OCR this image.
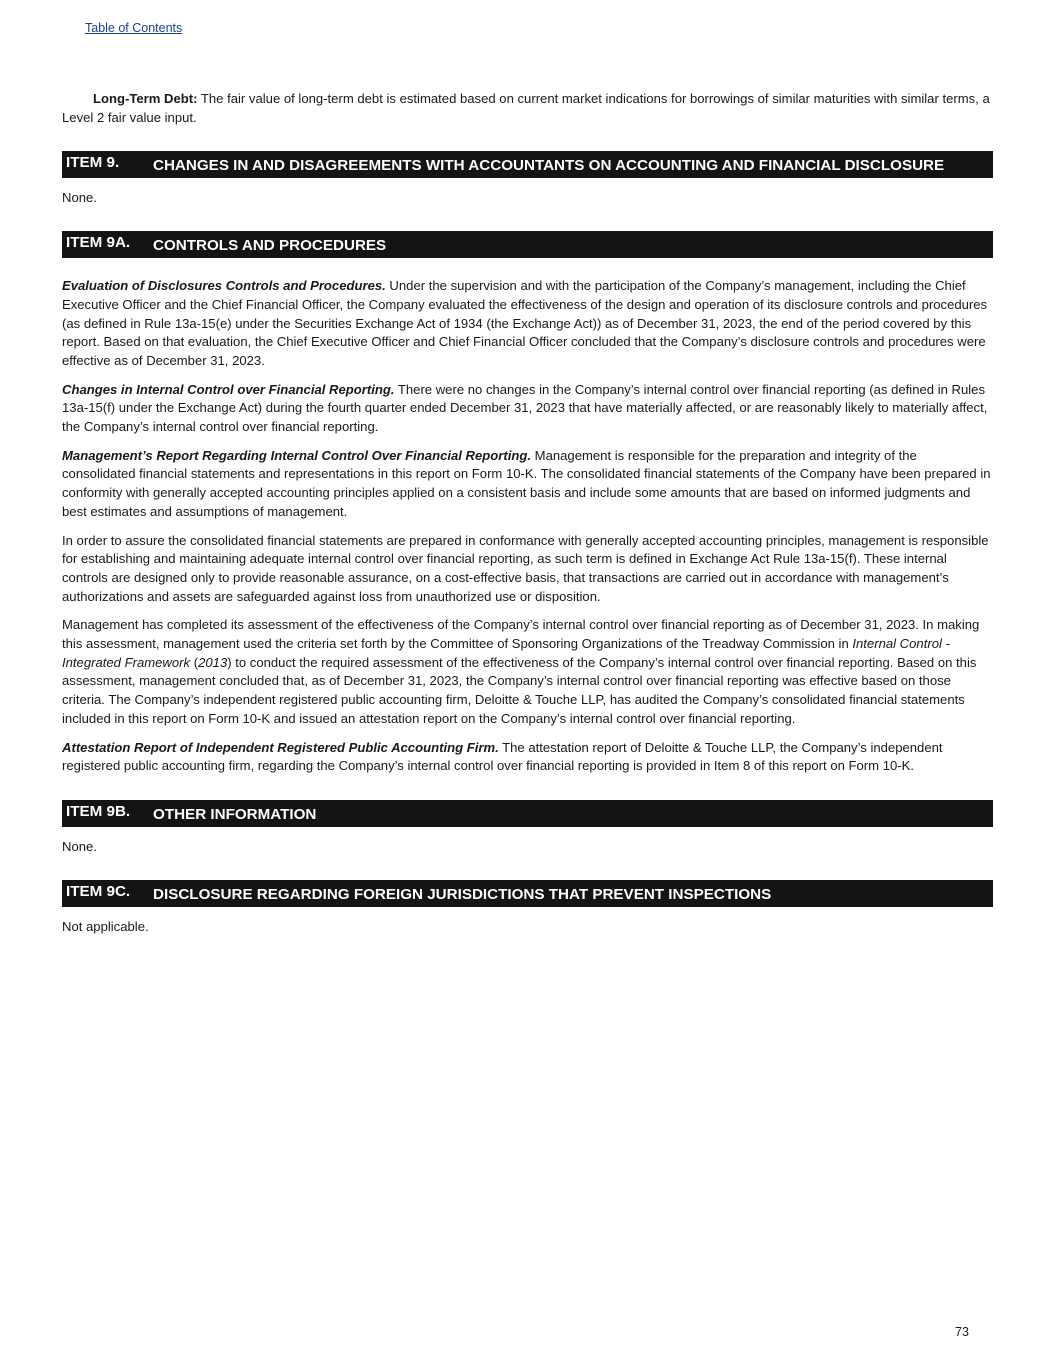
Table of Contents

Long-Term Debt: The fair value of long-term debt is estimated based on current market indications for borrowings of similar maturities with similar terms, a Level 2 fair value input.

ITEM 9.	CHANGES IN AND DISAGREEMENTS WITH ACCOUNTANTS ON ACCOUNTING AND FINANCIAL DISCLOSURE

None.

ITEM 9A.	CONTROLS AND PROCEDURES

Evaluation of Disclosures Controls and Procedures. Under the supervision and with the participation of the Company’s management, including the Chief Executive Officer and the Chief Financial Officer, the Company evaluated the effectiveness of the design and operation of its disclosure controls and procedures (as defined in Rule 13a-15(e) under the Securities Exchange Act of 1934 (the Exchange Act)) as of December 31, 2023, the end of the period covered by this report. Based on that evaluation, the Chief Executive Officer and Chief Financial Officer concluded that the Company’s disclosure controls and procedures were effective as of December 31, 2023.

Changes in Internal Control over Financial Reporting. There were no changes in the Company’s internal control over financial reporting (as defined in Rules 13a-15(f) under the Exchange Act) during the fourth quarter ended December 31, 2023 that have materially affected, or are reasonably likely to materially affect, the Company’s internal control over financial reporting.

Management’s Report Regarding Internal Control Over Financial Reporting. Management is responsible for the preparation and integrity of the consolidated financial statements and representations in this report on Form 10-K. The consolidated financial statements of the Company have been prepared in conformity with generally accepted accounting principles applied on a consistent basis and include some amounts that are based on informed judgments and best estimates and assumptions of management.

In order to assure the consolidated financial statements are prepared in conformance with generally accepted accounting principles, management is responsible for establishing and maintaining adequate internal control over financial reporting, as such term is defined in Exchange Act Rule 13a-15(f). These internal controls are designed only to provide reasonable assurance, on a cost-effective basis, that transactions are carried out in accordance with management’s authorizations and assets are safeguarded against loss from unauthorized use or disposition.

Management has completed its assessment of the effectiveness of the Company’s internal control over financial reporting as of December 31, 2023. In making this assessment, management used the criteria set forth by the Committee of Sponsoring Organizations of the Treadway Commission in Internal Control - Integrated Framework (2013) to conduct the required assessment of the effectiveness of the Company’s internal control over financial reporting. Based on this assessment, management concluded that, as of December 31, 2023, the Company’s internal control over financial reporting was effective based on those criteria. The Company’s independent registered public accounting firm, Deloitte & Touche LLP, has audited the Company’s consolidated financial statements included in this report on Form 10-K and issued an attestation report on the Company’s internal control over financial reporting.

Attestation Report of Independent Registered Public Accounting Firm. The attestation report of Deloitte & Touche LLP, the Company’s independent registered public accounting firm, regarding the Company’s internal control over financial reporting is provided in Item 8 of this report on Form 10-K.

ITEM 9B.	OTHER INFORMATION

None.

ITEM 9C.	DISCLOSURE REGARDING FOREIGN JURISDICTIONS THAT PREVENT INSPECTIONS

Not applicable.

73
